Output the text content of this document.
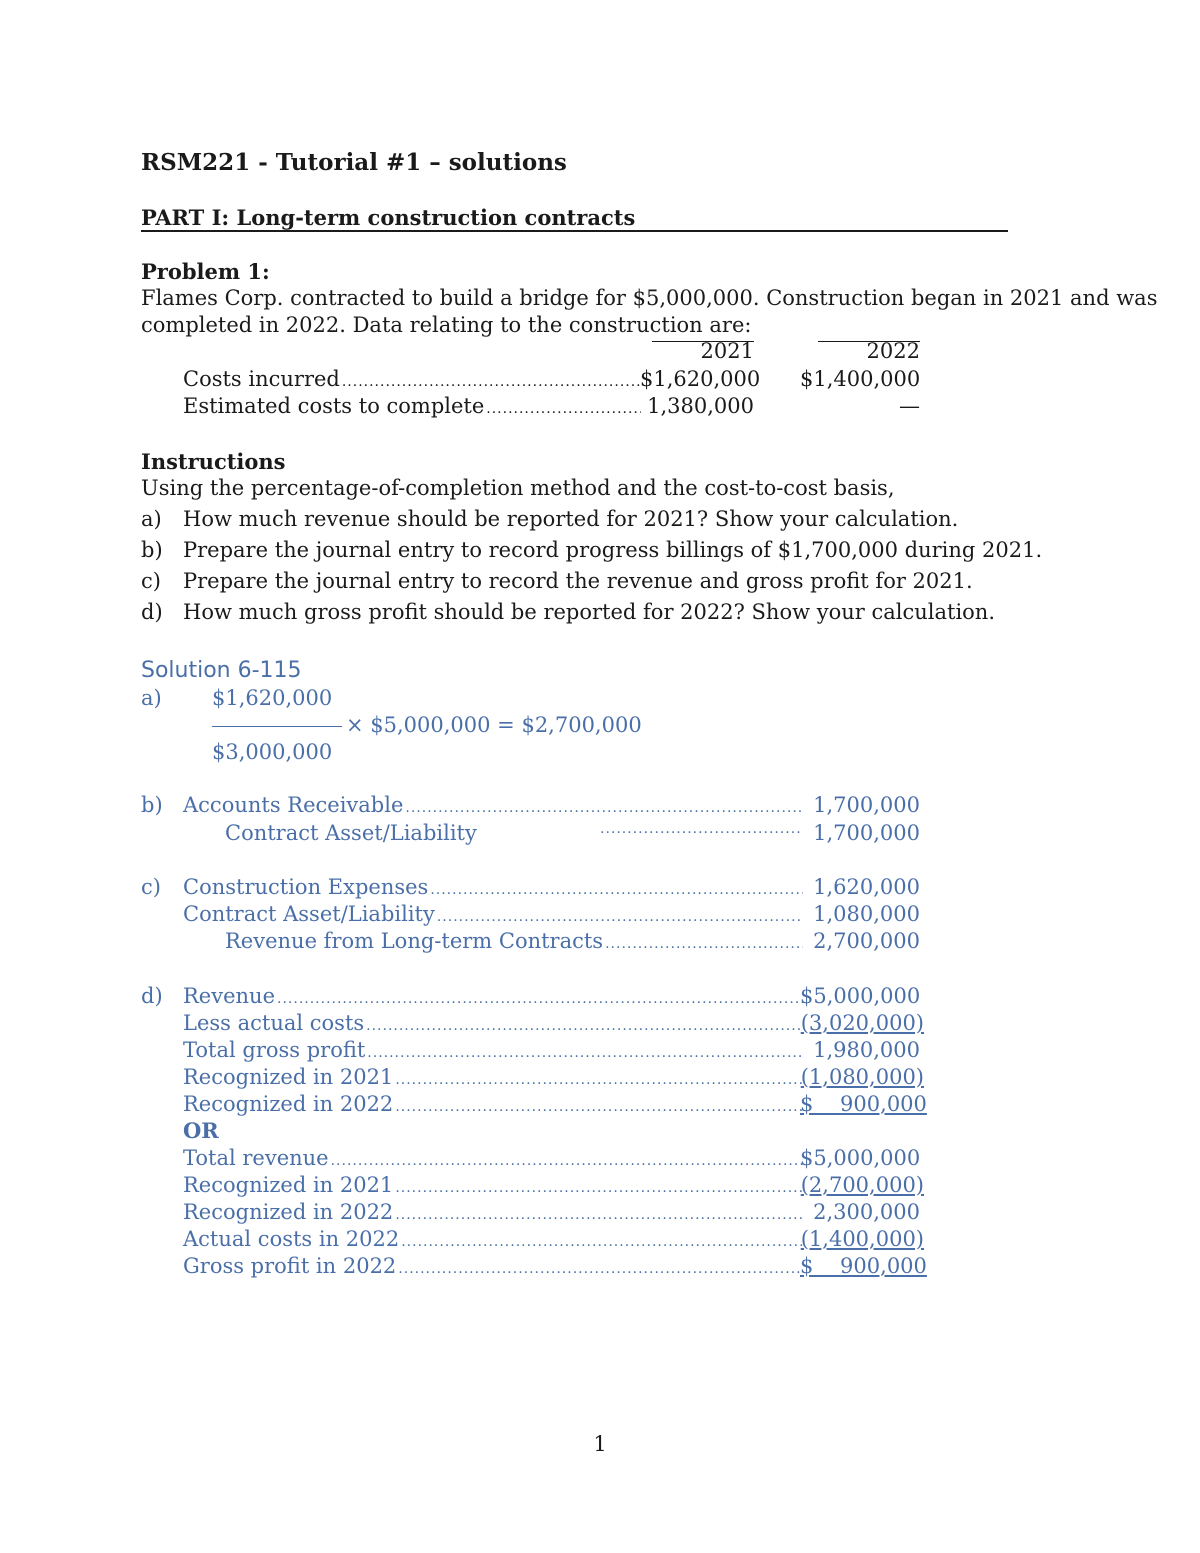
RSM221 - Tutorial #1 – solutions
PART I: Long-term construction contracts
Problem 1:
Flames Corp. contracted to build a bridge for $5,000,000. Construction began in 2021 and was
completed in 2022. Data relating to the construction are:
2021	2022
Costs incurred .....	$1,620,000 $1,400,000
Estimated costs to complete .....	1,380,000	—
Instructions
Using the percentage-of-completion method and the cost-to-cost basis,
a) How much revenue should be reported for 2021? Show your calculation.
b) Prepare the journal entry to record progress billings of $1,700,000 during 2021.
c) Prepare the journal entry to record the revenue and gross profit for 2021.
d) How much gross profit should be reported for 2022? Show your calculation.
Solution 6-115
a) $1,620,000
× $5,000,000 = $2,700,000
$3,000,000
b) Accounts Receivable .....	1,700,000
Contract Asset/Liability .....	1,700,000
c) Construction Expenses .....	1,620,000
Contract Asset/Liability .....	1,080,000
Revenue from Long-term Contracts .....	2,700,000
d) Revenue .....	$5,000,000
Less actual costs .....	(3,020,000)
Total gross profit .....	1,980,000
Recognized in 2021 .....	(1,080,000)
Recognized in 2022 .....	$    900,000
OR
Total revenue .....	$5,000,000
Recognized in 2021 .....	(2,700,000)
Recognized in 2022 .....	2,300,000
Actual costs in 2022 .....	(1,400,000)
Gross profit in 2022 .....	$    900,000
1
